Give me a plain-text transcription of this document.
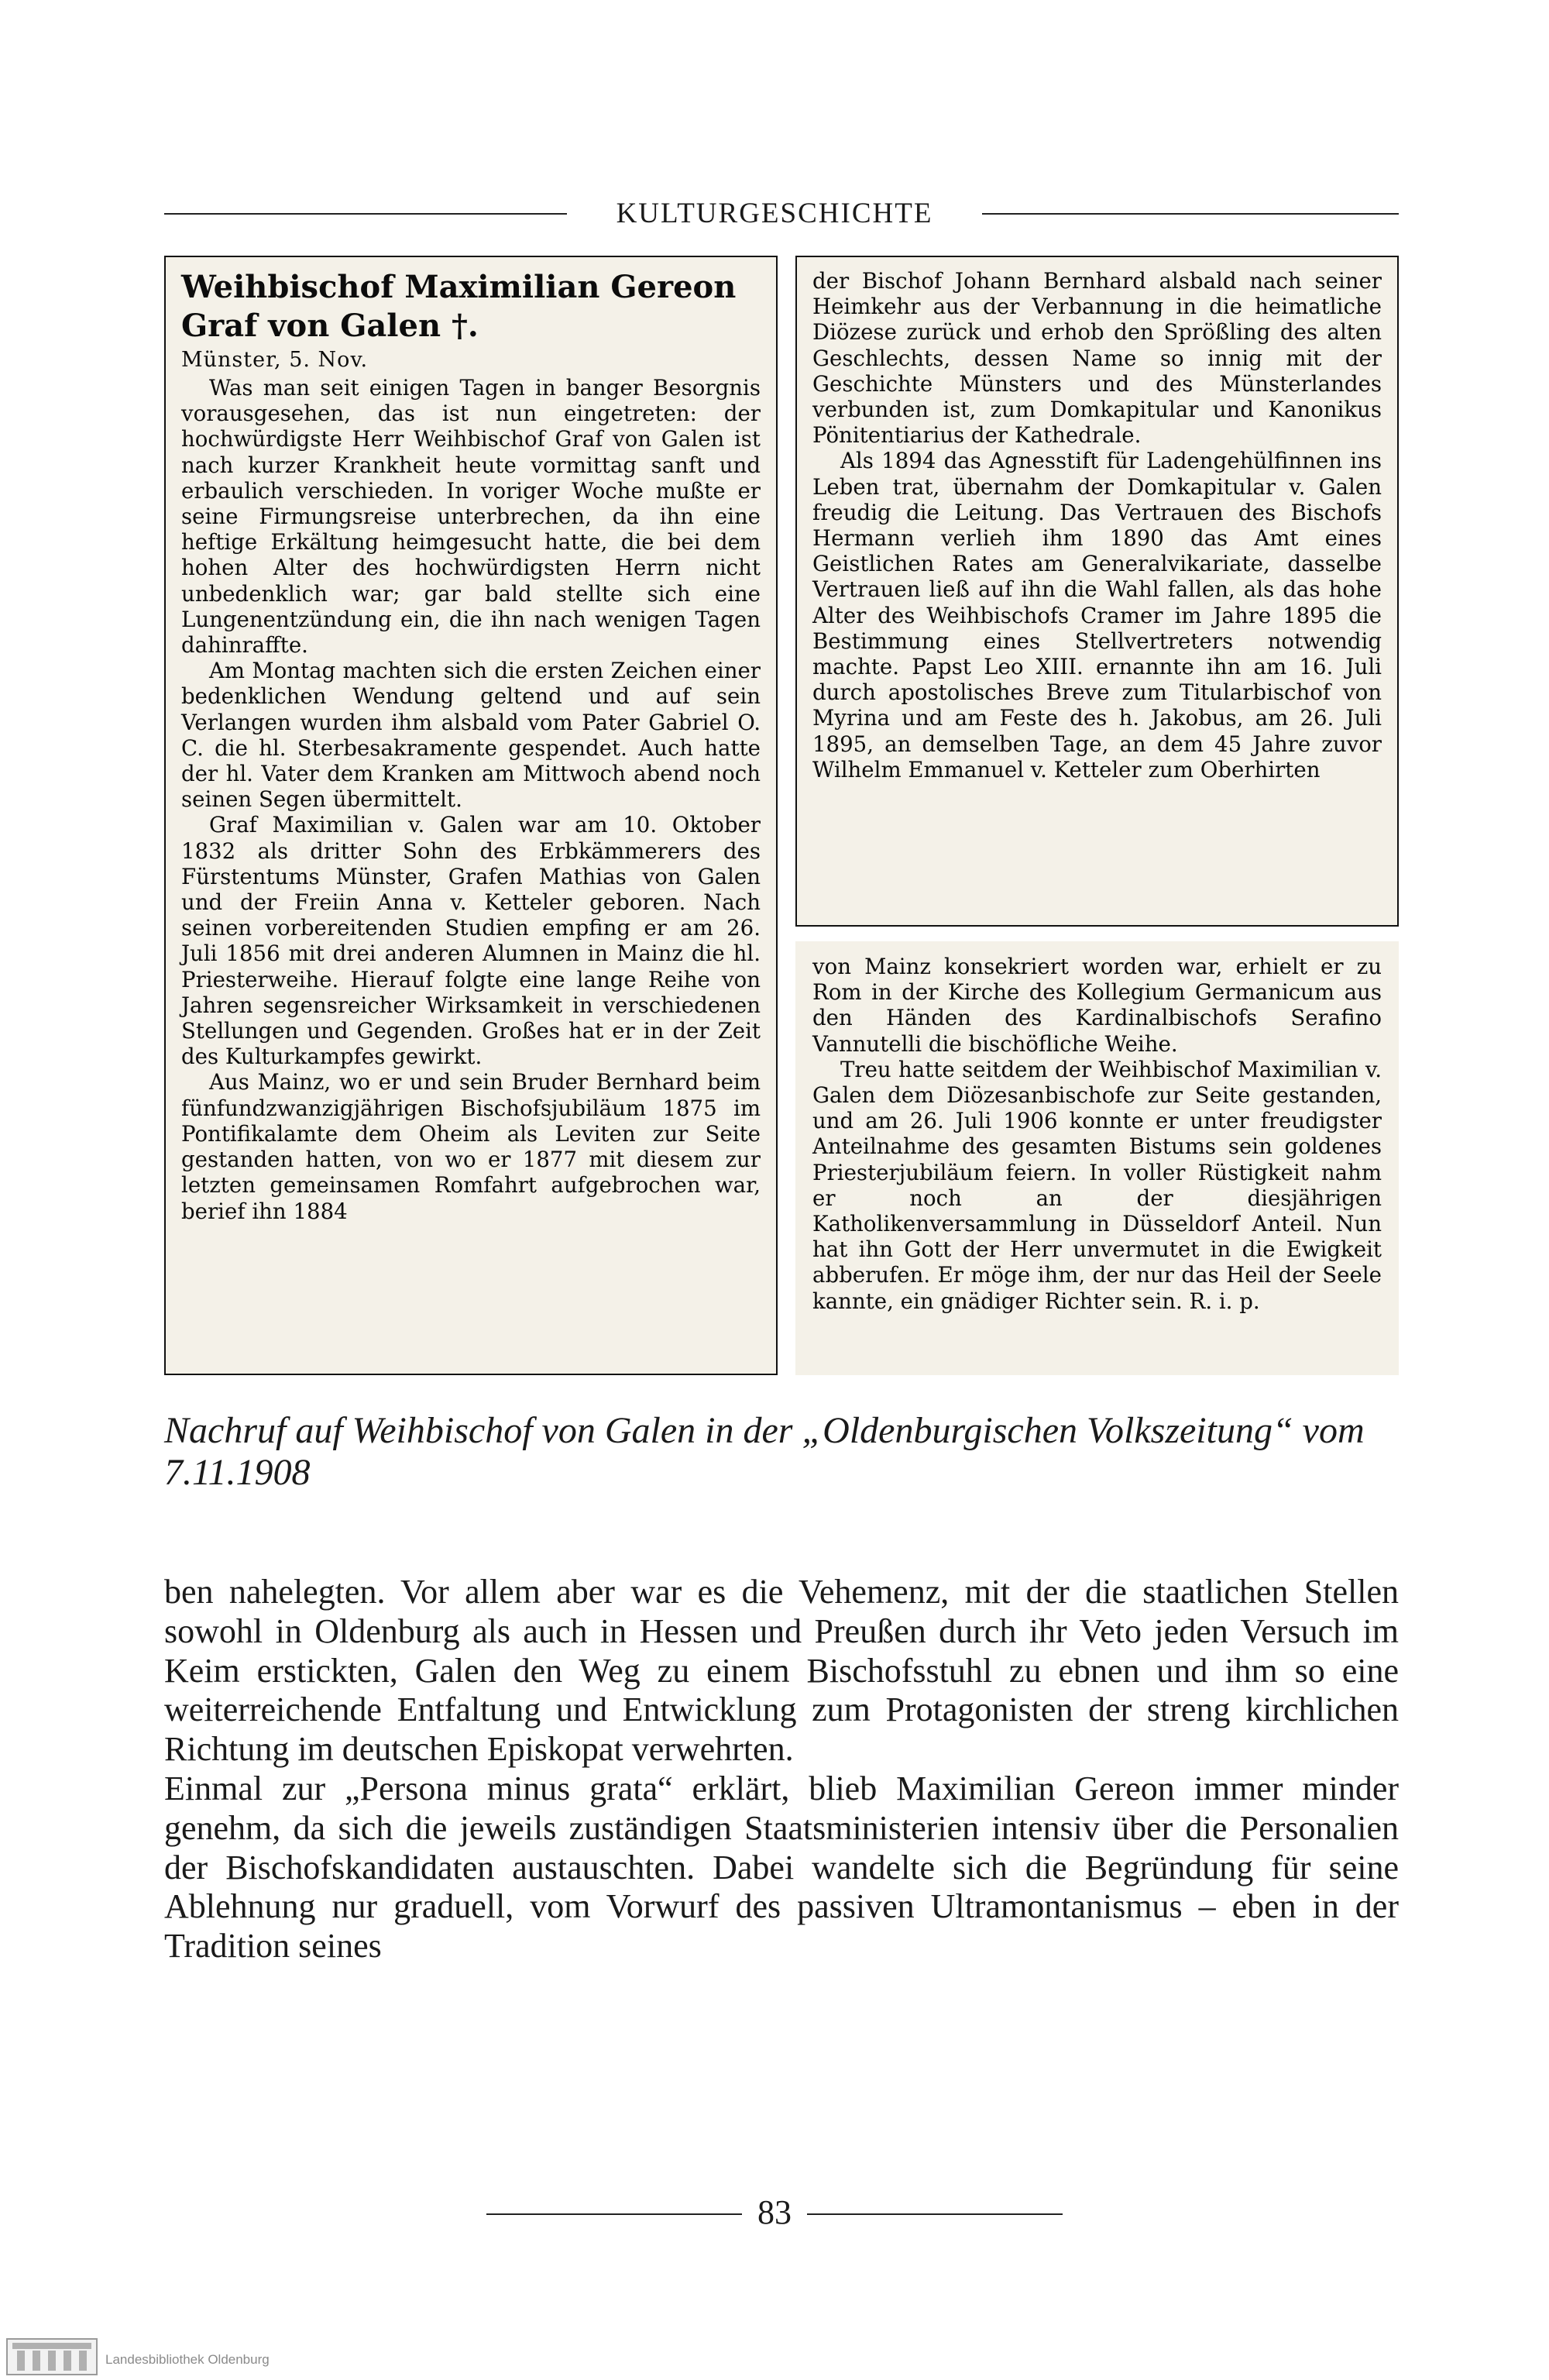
KULTURGESCHICHTE

Weihbischof Maximilian Gereon

Graf von Galen †.

Münster, 5. Nov.

Was man seit einigen Tagen in banger Besorgnis vorausgesehen, das ist nun eingetreten: der hochwürdigste Herr Weihbischof Graf von Galen ist nach kurzer Krankheit heute vormittag sanft und erbaulich verschieden. In voriger Woche mußte er seine Firmungsreise unterbrechen, da ihn eine heftige Erkältung heimgesucht hatte, die bei dem hohen Alter des hochwürdigsten Herrn nicht unbedenklich war; gar bald stellte sich eine Lungenentzündung ein, die ihn nach wenigen Tagen dahinraffte.

Am Montag machten sich die ersten Zeichen einer bedenklichen Wendung geltend und auf sein Verlangen wurden ihm alsbald vom Pater Gabriel O. C. die hl. Sterbesakramente gespendet. Auch hatte der hl. Vater dem Kranken am Mittwoch abend noch seinen Segen übermittelt.

Graf Maximilian v. Galen war am 10. Oktober 1832 als dritter Sohn des Erbkämmerers des Fürstentums Münster, Grafen Mathias von Galen und der Freiin Anna v. Ketteler geboren. Nach seinen vorbereitenden Studien empfing er am 26. Juli 1856 mit drei anderen Alumnen in Mainz die hl. Priesterweihe. Hierauf folgte eine lange Reihe von Jahren segensreicher Wirksamkeit in verschiedenen Stellungen und Gegenden. Großes hat er in der Zeit des Kulturkampfes gewirkt.

Aus Mainz, wo er und sein Bruder Bernhard beim fünfundzwanzigjährigen Bischofsjubiläum 1875 im Pontifikalamte dem Oheim als Leviten zur Seite gestanden hatten, von wo er 1877 mit diesem zur letzten gemeinsamen Romfahrt aufgebrochen war, berief ihn 1884

der Bischof Johann Bernhard alsbald nach seiner Heimkehr aus der Verbannung in die heimatliche Diözese zurück und erhob den Sprößling des alten Geschlechts, dessen Name so innig mit der Geschichte Münsters und des Münsterlandes verbunden ist, zum Domkapitular und Kanonikus Pönitentiarius der Kathedrale.

Als 1894 das Agnesstift für Ladengehülfinnen ins Leben trat, übernahm der Domkapitular v. Galen freudig die Leitung. Das Vertrauen des Bischofs Hermann verlieh ihm 1890 das Amt eines Geistlichen Rates am Generalvikariate, dasselbe Vertrauen ließ auf ihn die Wahl fallen, als das hohe Alter des Weihbischofs Cramer im Jahre 1895 die Bestimmung eines Stellvertreters notwendig machte. Papst Leo XIII. ernannte ihn am 16. Juli durch apostolisches Breve zum Titularbischof von Myrina und am Feste des h. Jakobus, am 26. Juli 1895, an demselben Tage, an dem 45 Jahre zuvor Wilhelm Emmanuel v. Ketteler zum Oberhirten

von Mainz konsekriert worden war, erhielt er zu Rom in der Kirche des Kollegium Germanicum aus den Händen des Kardinalbischofs Serafino Vannutelli die bischöfliche Weihe.

Treu hatte seitdem der Weihbischof Maximilian v. Galen dem Diözesanbischofe zur Seite gestanden, und am 26. Juli 1906 konnte er unter freudigster Anteilnahme des gesamten Bistums sein goldenes Priesterjubiläum feiern. In voller Rüstigkeit nahm er noch an der diesjährigen Katholikenversammlung in Düsseldorf Anteil. Nun hat ihn Gott der Herr unvermutet in die Ewigkeit abberufen. Er möge ihm, der nur das Heil der Seele kannte, ein gnädiger Richter sein. R. i. p.

Nachruf auf Weihbischof von Galen in der „Oldenburgischen Volkszeitung“ vom 7.11.1908

ben nahelegten. Vor allem aber war es die Vehemenz, mit der die staatlichen Stellen sowohl in Oldenburg als auch in Hessen und Preußen durch ihr Veto jeden Versuch im Keim erstickten, Galen den Weg zu einem Bischofsstuhl zu ebnen und ihm so eine weiterreichende Entfaltung und Entwicklung zum Protagonisten der streng kirchlichen Richtung im deutschen Episkopat verwehrten.

Einmal zur „Persona minus grata“ erklärt, blieb Maximilian Gereon immer minder genehm, da sich die jeweils zuständigen Staatsministerien intensiv über die Personalien der Bischofskandidaten austauschten. Dabei wandelte sich die Begründung für seine Ablehnung nur graduell, vom Vorwurf des passiven Ultramontanismus – eben in der Tradition seines

83
Landesbibliothek Oldenburg
